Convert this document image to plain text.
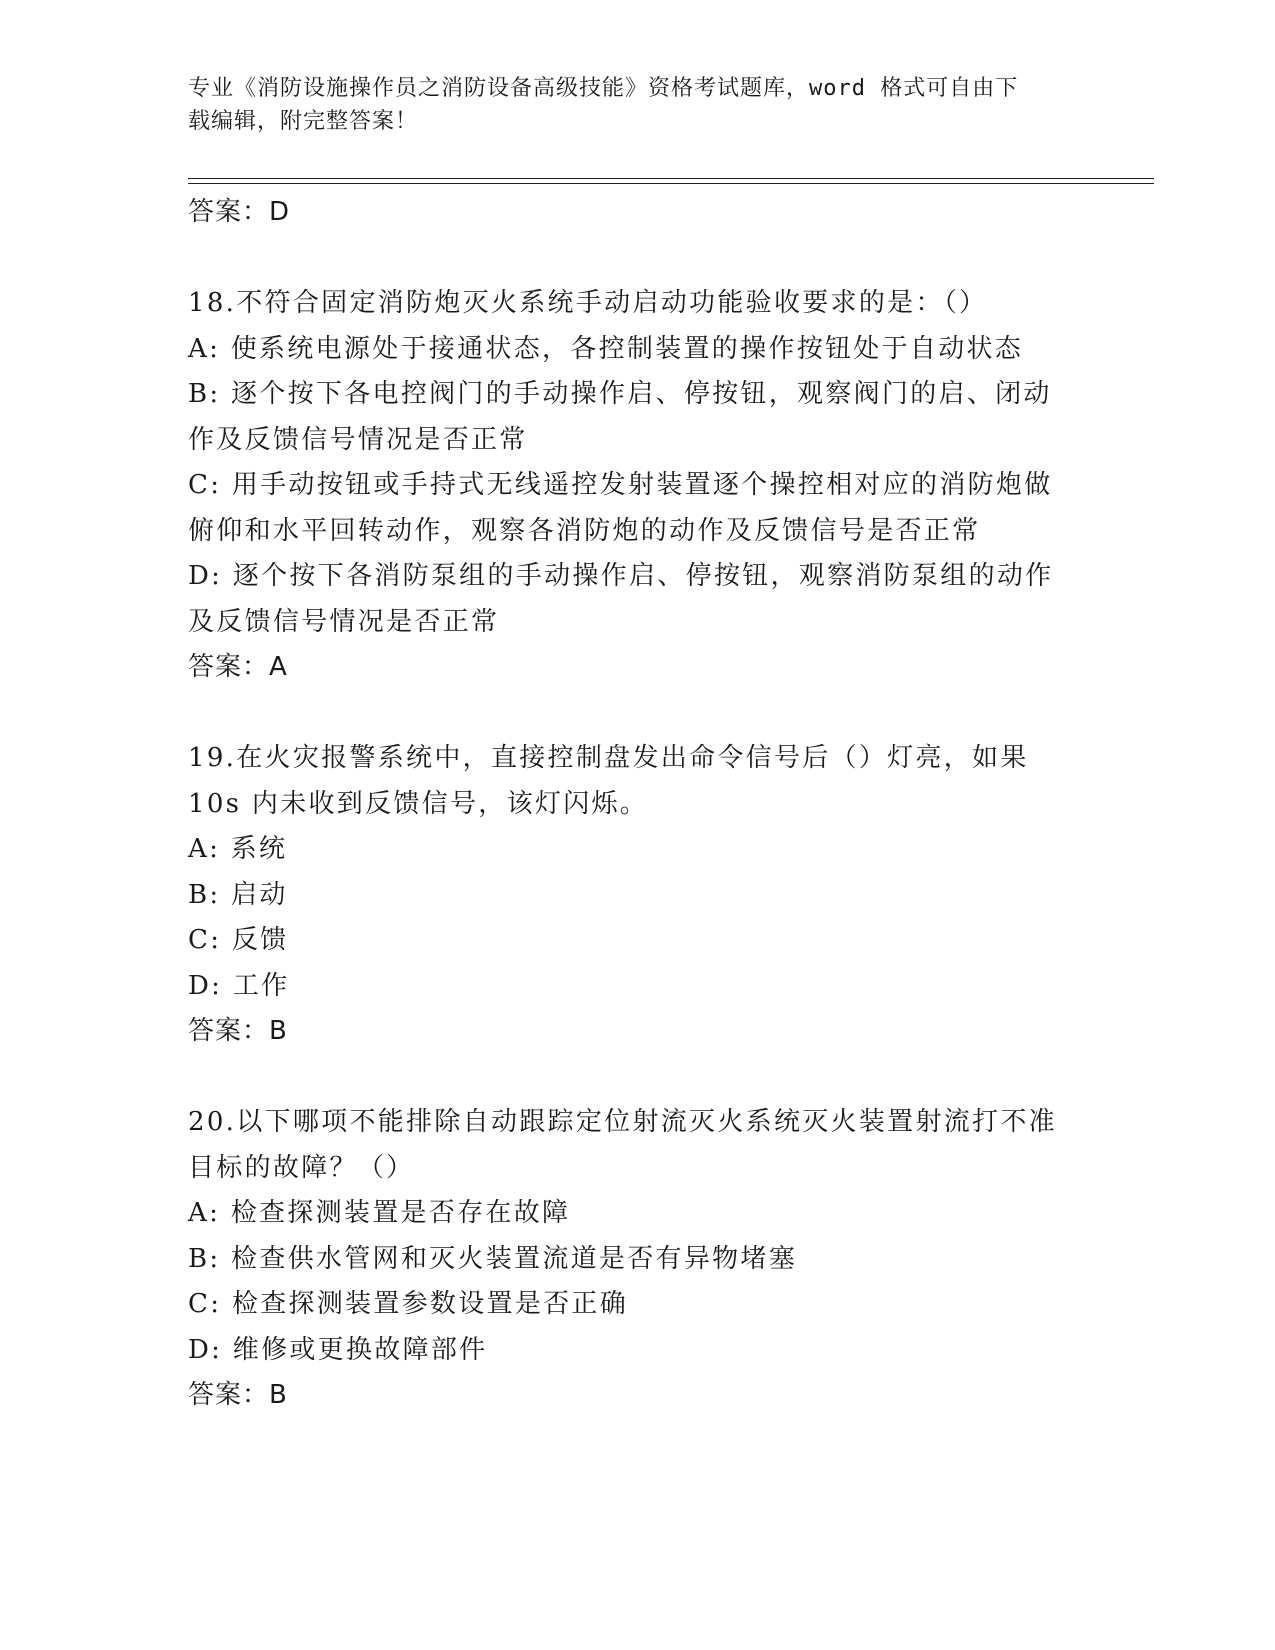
专业《消防设施操作员之消防设备高级技能》资格考试题库，word 格式可自由下
载编辑，附完整答案！
答案：D
18.不符合固定消防炮灭火系统手动启动功能验收要求的是：（）
A: 使系统电源处于接通状态，各控制装置的操作按钮处于自动状态
B: 逐个按下各电控阀门的手动操作启、停按钮，观察阀门的启、闭动
作及反馈信号情况是否正常
C: 用手动按钮或手持式无线遥控发射装置逐个操控相对应的消防炮做
俯仰和水平回转动作，观察各消防炮的动作及反馈信号是否正常
D: 逐个按下各消防泵组的手动操作启、停按钮，观察消防泵组的动作
及反馈信号情况是否正常
答案：A
19.在火灾报警系统中，直接控制盘发出命令信号后（）灯亮，如果
10s 内未收到反馈信号，该灯闪烁。
A: 系统
B: 启动
C: 反馈
D: 工作
答案：B
20.以下哪项不能排除自动跟踪定位射流灭火系统灭火装置射流打不准
目标的故障？（）
A: 检查探测装置是否存在故障
B: 检查供水管网和灭火装置流道是否有异物堵塞
C: 检查探测装置参数设置是否正确
D: 维修或更换故障部件
答案：B
